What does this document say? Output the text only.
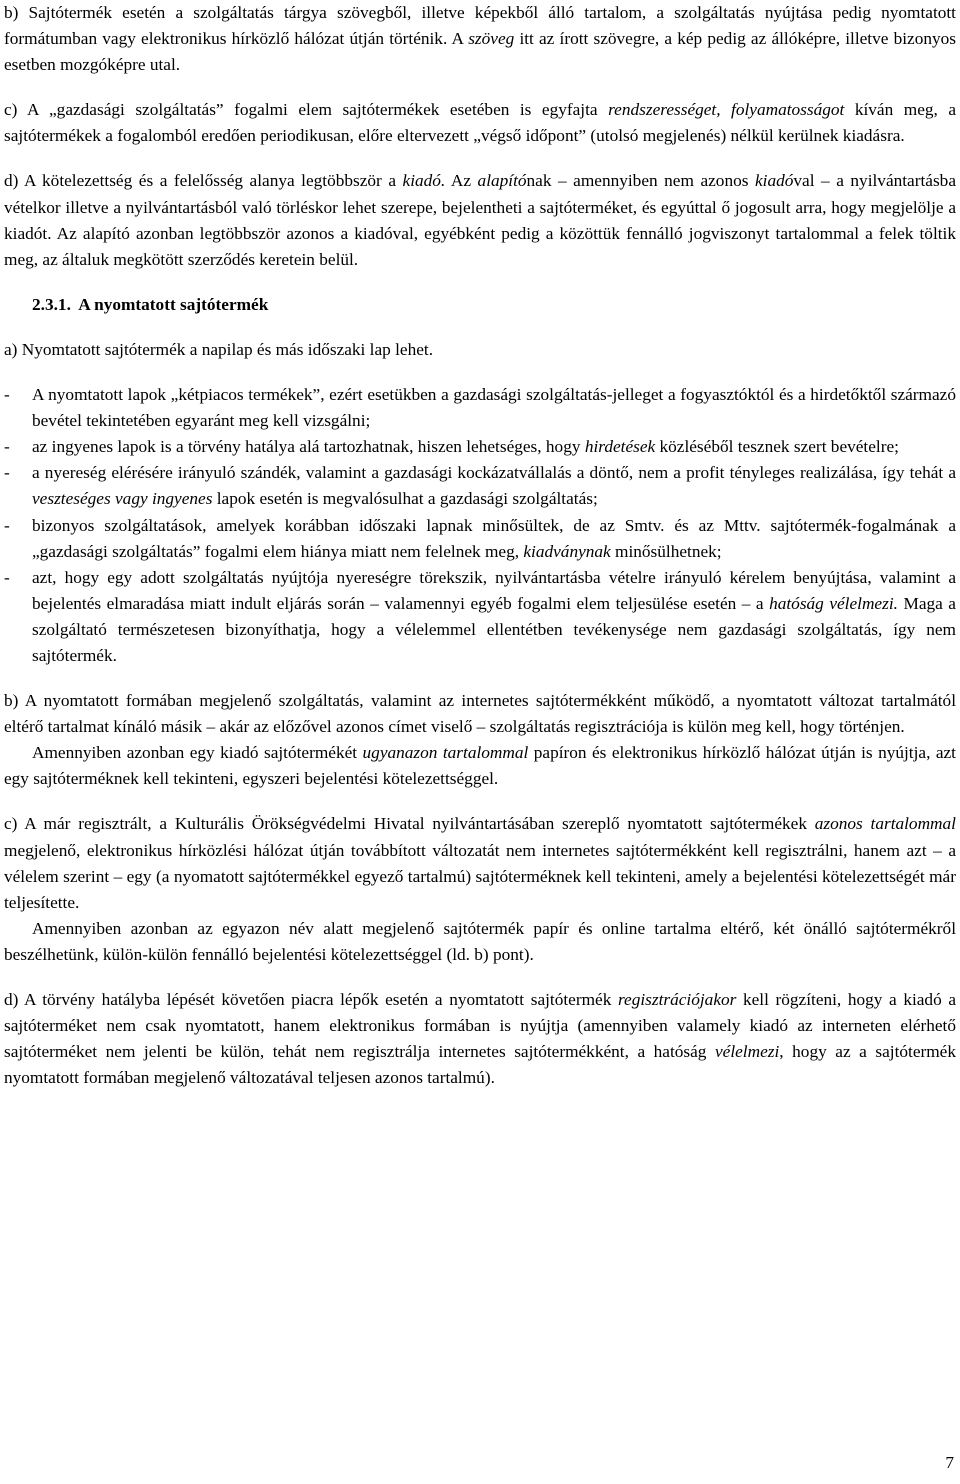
b) Sajtótermék esetén a szolgáltatás tárgya szövegből, illetve képekből álló tartalom, a szolgáltatás nyújtása pedig nyomtatott formátumban vagy elektronikus hírközlő hálózat útján történik. A szöveg itt az írott szövegre, a kép pedig az állóképre, illetve bizonyos esetben mozgóképre utal.

c) A „gazdasági szolgáltatás” fogalmi elem sajtótermékek esetében is egyfajta rendszerességet, folyamatosságot kíván meg, a sajtótermékek a fogalomból eredően periodikusan, előre eltervezett „végső időpont” (utolsó megjelenés) nélkül kerülnek kiadásra.

d) A kötelezettség és a felelősség alanya legtöbbször a kiadó. Az alapítónak – amennyiben nem azonos kiadóval – a nyilvántartásba vételkor illetve a nyilvántartásból való törléskor lehet szerepe, bejelentheti a sajtóterméket, és egyúttal ő jogosult arra, hogy megjelölje a kiadót. Az alapító azonban legtöbbször azonos a kiadóval, egyébként pedig a közöttük fennálló jogviszonyt tartalommal a felek töltik meg, az általuk megkötött szerződés keretein belül.

2.3.1. A nyomtatott sajtótermék

a) Nyomtatott sajtótermék a napilap és más időszaki lap lehet.

- A nyomtatott lapok „kétpiacos termékek”, ezért esetükben a gazdasági szolgáltatás-jelleget a fogyasztóktól és a hirdetőktől származó bevétel tekintetében egyaránt meg kell vizsgálni;
- az ingyenes lapok is a törvény hatálya alá tartozhatnak, hiszen lehetséges, hogy hirdetések közléséből tesznek szert bevételre;
- a nyereség elérésére irányuló szándék, valamint a gazdasági kockázatvállalás a döntő, nem a profit tényleges realizálása, így tehát a veszteséges vagy ingyenes lapok esetén is megvalósulhat a gazdasági szolgáltatás;
- bizonyos szolgáltatások, amelyek korábban időszaki lapnak minősültek, de az Smtv. és az Mttv. sajtótermék-fogalmának a „gazdasági szolgáltatás” fogalmi elem hiánya miatt nem felelnek meg, kiadványnak minősülhetnek;
- azt, hogy egy adott szolgáltatás nyújtója nyereségre törekszik, nyilvántartásba vételre irányuló kérelem benyújtása, valamint a bejelentés elmaradása miatt indult eljárás során – valamennyi egyéb fogalmi elem teljesülése esetén – a hatóság vélelmezi. Maga a szolgáltató természetesen bizonyíthatja, hogy a vélelemmel ellentétben tevékenysége nem gazdasági szolgáltatás, így nem sajtótermék.

b) A nyomtatott formában megjelenő szolgáltatás, valamint az internetes sajtótermékként működő, a nyomtatott változat tartalmától eltérő tartalmat kínáló másik – akár az előzővel azonos címet viselő – szolgáltatás regisztrációja is külön meg kell, hogy történjen.

Amennyiben azonban egy kiadó sajtótermékét ugyanazon tartalommal papíron és elektronikus hírközlő hálózat útján is nyújtja, azt egy sajtóterméknek kell tekinteni, egyszeri bejelentési kötelezettséggel.

c) A már regisztrált, a Kulturális Örökségvédelmi Hivatal nyilvántartásában szereplő nyomtatott sajtótermékek azonos tartalommal megjelenő, elektronikus hírközlési hálózat útján továbbított változatát nem internetes sajtótermékként kell regisztrálni, hanem azt – a vélelem szerint – egy (a nyomatott sajtótermékkel egyező tartalmú) sajtóterméknek kell tekinteni, amely a bejelentési kötelezettségét már teljesítette.

Amennyiben azonban az egyazon név alatt megjelenő sajtótermék papír és online tartalma eltérő, két önálló sajtótermékről beszélhetünk, külön-külön fennálló bejelentési kötelezettséggel (ld. b) pont).

d) A törvény hatályba lépését követően piacra lépők esetén a nyomtatott sajtótermék regisztrációjakor kell rögzíteni, hogy a kiadó a sajtóterméket nem csak nyomtatott, hanem elektronikus formában is nyújtja (amennyiben valamely kiadó az interneten elérhető sajtóterméket nem jelenti be külön, tehát nem regisztrálja internetes sajtótermékként, a hatóság vélelmezi, hogy az a sajtótermék nyomtatott formában megjelenő változatával teljesen azonos tartalmú).

7
